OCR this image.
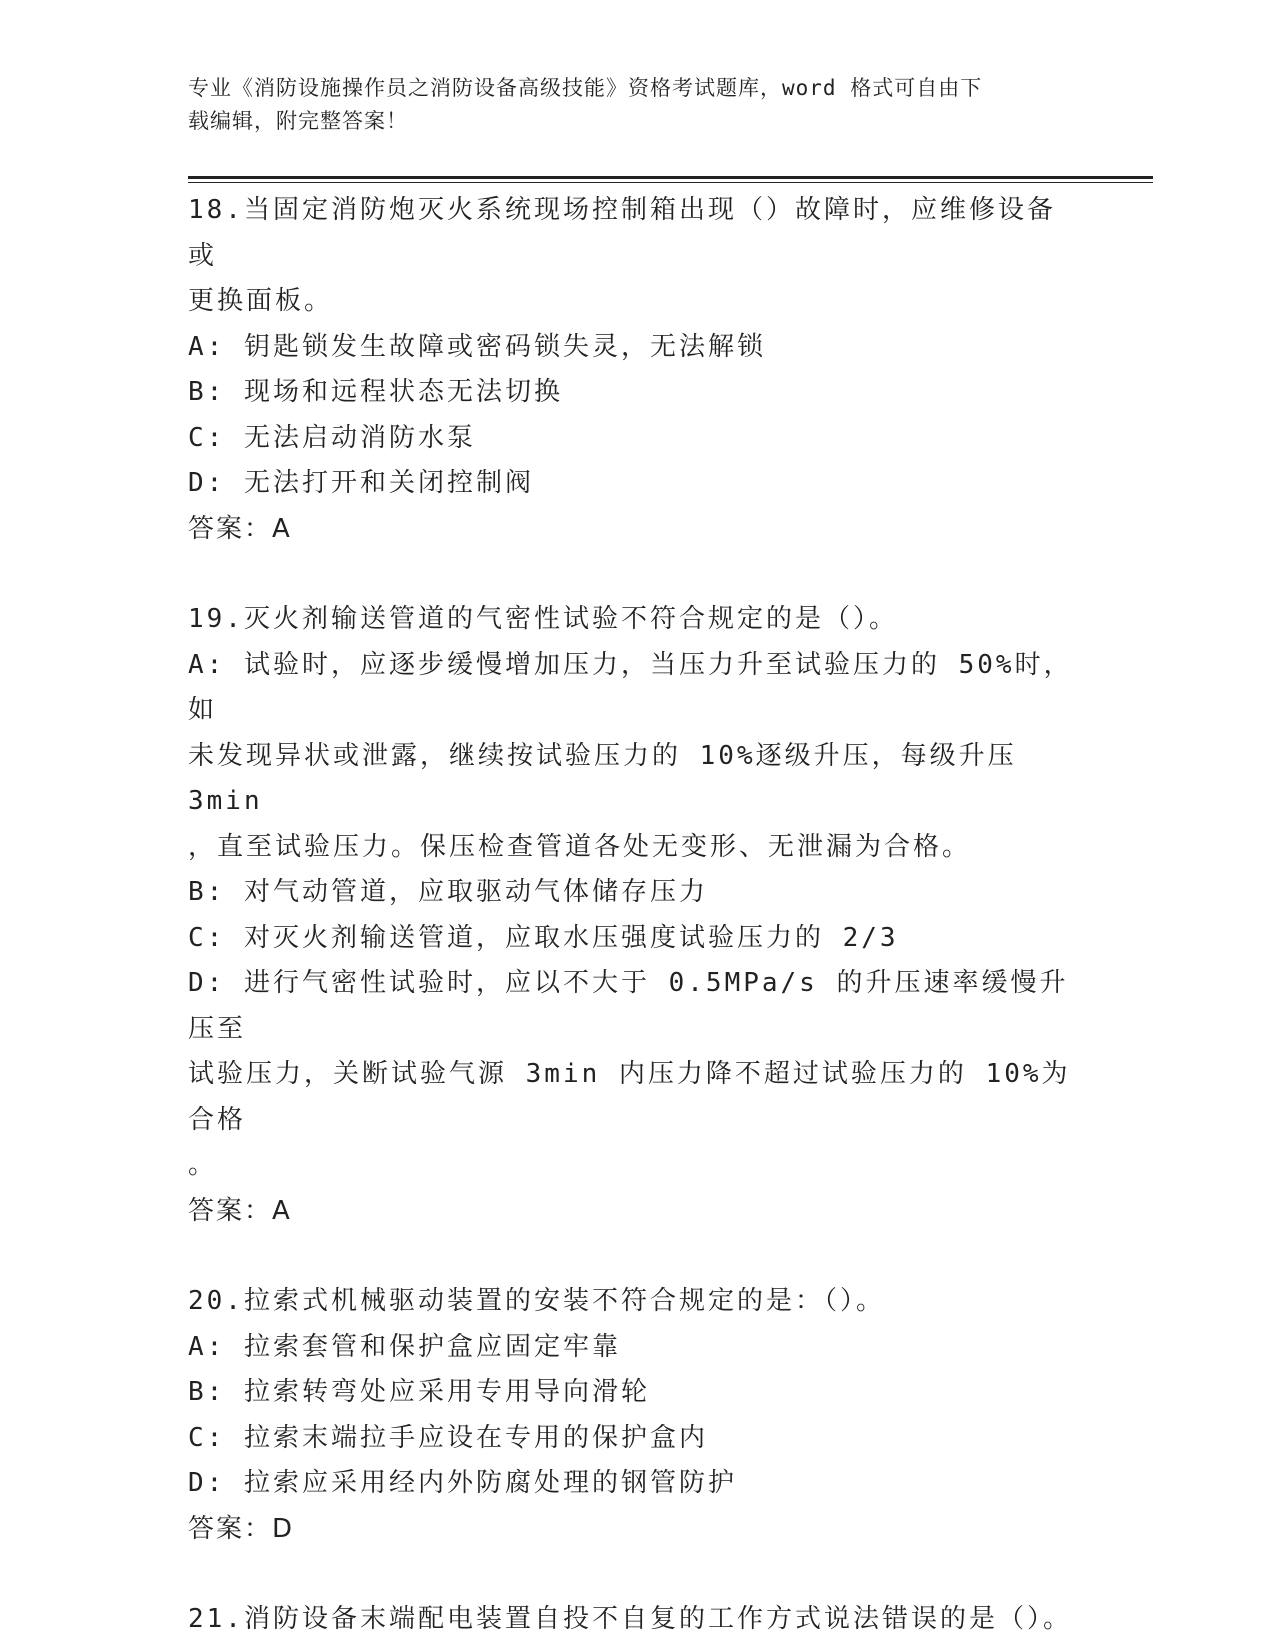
专业《消防设施操作员之消防设备高级技能》资格考试题库，word 格式可自由下
载编辑，附完整答案！
18.当固定消防炮灭火系统现场控制箱出现（）故障时，应维修设备或
更换面板。
A: 钥匙锁发生故障或密码锁失灵，无法解锁
B: 现场和远程状态无法切换
C: 无法启动消防水泵
D: 无法打开和关闭控制阀
答案：A
19.灭火剂输送管道的气密性试验不符合规定的是（）。
A: 试验时，应逐步缓慢增加压力，当压力升至试验压力的 50%时，如
未发现异状或泄露，继续按试验压力的 10%逐级升压，每级升压 3min
，直至试验压力。保压检查管道各处无变形、无泄漏为合格。
B: 对气动管道，应取驱动气体储存压力
C: 对灭火剂输送管道，应取水压强度试验压力的 2/3
D: 进行气密性试验时，应以不大于 0.5MPa/s 的升压速率缓慢升压至
试验压力，关断试验气源 3min 内压力降不超过试验压力的 10%为合格
。
答案：A
20.拉索式机械驱动装置的安装不符合规定的是：（）。
A: 拉索套管和保护盒应固定牢靠
B: 拉索转弯处应采用专用导向滑轮
C: 拉索末端拉手应设在专用的保护盒内
D: 拉索应采用经内外防腐处理的钢管防护
答案：D
21.消防设备末端配电装置自投不自复的工作方式说法错误的是（）。
